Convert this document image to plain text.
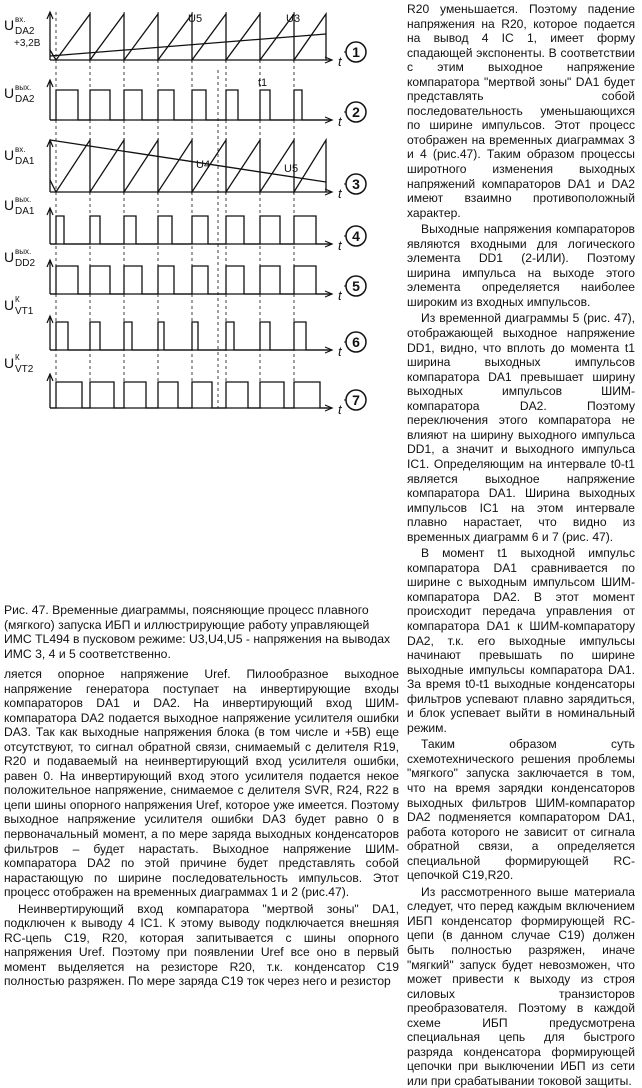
t
1
t
2
t
3
t
4
t
5
t
6
t
7
U вх.
DA2
+3,2В
U вых.
DA2
U вх.
DA1
U вых.
DA1
U вых.
DD2
U К
VT1
U К
VT2
U5	U3
t1
U4	U5
Рис. 47. Временные диаграммы, поясняющие процесс плавного (мягкого) запуска ИБП и иллюстрирующие работу управляющей ИМС TL494 в пусковом режиме: U3,U4,U5 - напряжения на выводах ИМС 3, 4 и 5 соответственно.

ляется опорное напряжение Uref. Пилообразное выходное напряжение генератора поступает на инвертирующие входы компараторов DA1 и DA2. На инвертирующий вход ШИМ-компаратора DA2 подается выходное напряжение усилителя ошибки DA3. Так как выходные напряжения блока (в том числе и +5В) еще отсутствуют, то сигнал обратной связи, снимаемый с делителя R19, R20 и подаваемый на неинвертирующий вход усилителя ошибки, равен 0. На инвертирующий вход этого усилителя подается некое положительное напряжение, снимаемое с делителя SVR, R24, R22 в цепи шины опорного напряжения Uref, которое уже имеется. Поэтому выходное напряжение усилителя ошибки DA3 будет равно 0 в первоначальный момент, а по мере заряда выходных конденсаторов фильтров – будет нарастать. Выходное напряжение ШИМ-компаратора DA2 по этой причине будет представлять собой нарастающую по ширине последовательность импульсов. Этот процесс отображен на временных диаграммах 1 и 2 (рис.47).

Неинвертирующий вход компаратора "мертвой зоны" DA1, подключен к выводу 4 IC1. К этому выводу подключается внешняя RC-цепь C19, R20, которая запитывается с шины опорного напряжения Uref. Поэтому при появлении Uref все оно в первый момент выделяется на резисторе R20, т.к. конденсатор C19 полностью разряжен. По мере заряда C19 ток через него и резистор

R20 уменьшается. Поэтому падение напряжения на R20, которое подается на вывод 4 IC 1, имеет форму спадающей экспоненты. В соответствии с этим выходное напряжение компаратора "мертвой зоны" DA1 будет представлять собой последовательность уменьшающихся по ширине импульсов. Этот процесс отображен на временных диаграммах 3 и 4 (рис.47). Таким образом процессы широтного изменения выходных напряжений компараторов DA1 и DA2 имеют взаимно противоположный характер.

Выходные напряжения компараторов являются входными для логического элемента DD1 (2-ИЛИ). Поэтому ширина импульса на выходе этого элемента определяется наиболее широким из входных импульсов.

Из временной диаграммы 5 (рис. 47), отображающей выходное напряжение DD1, видно, что вплоть до момента t1 ширина выходных импульсов компаратора DA1 превышает ширину выходных импульсов ШИМ-компаратора DA2. Поэтому переключения этого компаратора не влияют на ширину выходного импульса DD1, а значит и выходного импульса IC1. Определяющим на интервале t0-t1 является выходное напряжение компаратора DA1. Ширина выходных импульсов IC1 на этом интервале плавно нарастает, что видно из временных диаграмм 6 и 7 (рис. 47).

В момент t1 выходной импульс компаратора DA1 сравнивается по ширине с выходным импульсом ШИМ-компаратора DA2. В этот момент происходит передача управления от компаратора DA1 к ШИМ-компаратору DA2, т.к. его выходные импульсы начинают превышать по ширине выходные импульсы компаратора DA1. За время t0-t1 выходные конденсаторы фильтров успевают плавно зарядиться, и блок успевает выйти в номинальный режим.

Таким образом суть схемотехнического решения проблемы "мягкого" запуска заключается в том, что на время зарядки конденсаторов выходных фильтров ШИМ-компаратор DA2 подменяется компаратором DA1, работа которого не зависит от сигнала обратной связи, а определяется специальной формирующей RC-цепочкой C19,R20.

Из рассмотренного выше материала следует, что перед каждым включением ИБП конденсатор формирующей RC-цепи (в данном случае C19) должен быть полностью разряжен, иначе "мягкий" запуск будет невозможен, что может привести к выходу из строя силовых транзисторов преобразователя. Поэтому в каждой схеме ИБП предусмотрена специальная цепь для быстрого разряда конденсатора формирующей цепочки при выключении ИБП из сети или при срабатывании токовой защиты.
